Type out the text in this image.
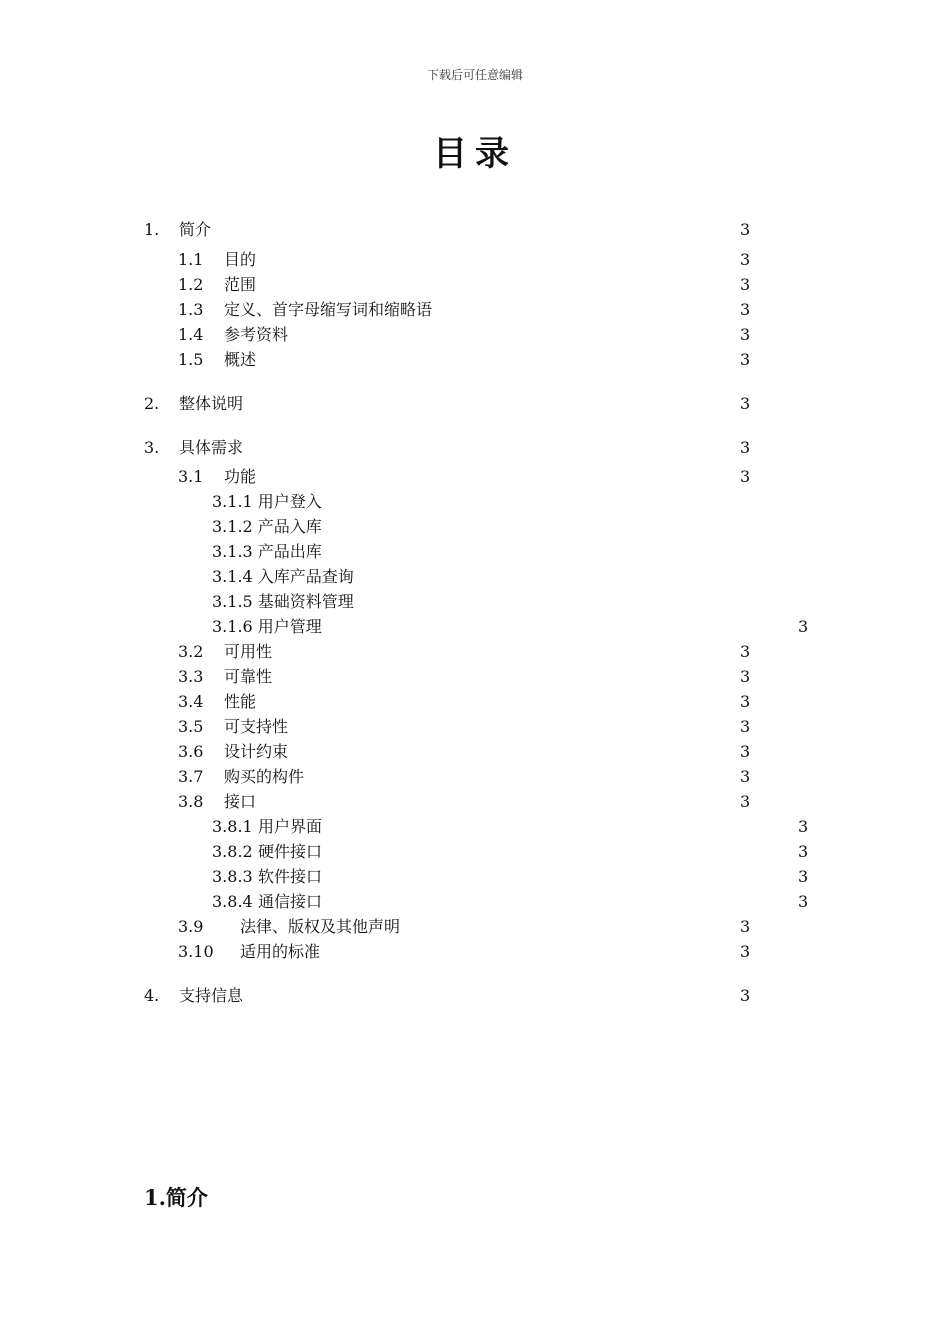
下载后可任意编辑
目录
1. 简介	3
1.1 目的	3
1.2 范围	3
1.3 定义、首字母缩写词和缩略语	3
1.4 参考资料	3
1.5 概述	3
2. 整体说明	3
3. 具体需求	3
3.1 功能	3
3.1.1 用户登入
3.1.2 产品入库
3.1.3 产品出库
3.1.4 入库产品查询
3.1.5 基础资料管理
3.1.6 用户管理	3
3.2 可用性	3
3.3 可靠性	3
3.4 性能	3
3.5 可支持性	3
3.6 设计约束	3
3.7 购买的构件	3
3.8 接口	3
3.8.1 用户界面	3
3.8.2 硬件接口	3
3.8.3 软件接口	3
3.8.4 通信接口	3
3.9 法律、版权及其他声明	3
3.10 适用的标准	3
4. 支持信息	3
1.简介
